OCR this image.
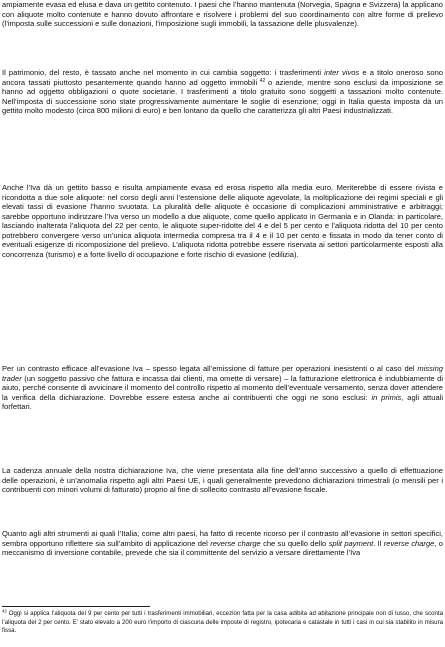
ampiamente evasa ed elusa e dava un gettito contenuto. I paesi che l’hanno mantenuta (Norvegia, Spagna e Svizzera) la applicano con aliquote molto contenute e hanno dovuto affrontare e risolvere i problemi del suo coordinamento con altre forme di prelievo (l’imposta sulle successioni e sulle donazioni, l’imposizione sugli immobili, la tassazione delle plusvalenze).

Il patrimonio, del resto, è tassato anche nel momento in cui cambia soggetto: i trasferimenti inter vivos e a titolo oneroso sono ancora tassati piuttosto pesantemente quando hanno ad oggetto immobili $^{42}$ o aziende, mentre sono esclusi da imposizione se hanno ad oggetto obbligazioni o quote societarie. I trasferimenti a titolo gratuito sono soggetti a tassazioni molto contenute. Nell’imposta di successione sono state progressivamente aumentare le soglie di esenzione; oggi in Italia questa imposta dà un gettito molto modesto (circa 800 milioni di euro) e ben lontano da quello che caratterizza gli altri Paesi industrializzati.

Anche l’Iva dà un gettito basso e risulta ampiamente evasa ed erosa rispetto alla media euro. Meriterebbe di essere rivista e ricondotta a due sole aliquote: nel corso degli anni l’estensione delle aliquote agevolate, la moltiplicazione dei regimi speciali e gli elevati tassi di evasione l’hanno svuotata. La pluralità delle aliquote è occasione di complicazioni amministrative e arbitraggi; sarebbe opportuno indirizzare l’Iva verso un modello a due aliquote, come quello applicato in Germania e in Olanda: in particolare, lasciando inalterata l’aliquota del 22 per cento, le aliquote super-ridotte del 4 e del 5 per cento e l’aliquota ridotta del 10 per cento potrebbero convergere verso un’unica aliquota intermedia compresa tra il 4 e il 10 per cento e fissata in modo da tener conto di eventuali esigenze di ricomposizione del prelievo. L’aliquota ridotta potrebbe essere riservata ai settori particolarmente esposti alla concorrenza (turismo) e a forte livello di occupazione e forte rischio di evasione (edilizia).

Per un contrasto efficace all’evasione Iva – spesso legata all’emissione di fatture per operazioni inesistenti o al caso del missing trader (un soggetto passivo che fattura e incassa dai clienti, ma omette di versare) – la fatturazione elettronica è indubbiamente di aiuto, perché consente di avvicinare il momento del controllo rispetto al momento dell’eventuale versamento, senza dover attendere la verifica della dichiarazione. Dovrebbe essere estesa anche ai contribuenti che oggi ne sono esclusi: in primis, agli attuali forfettari.

La cadenza annuale della nostra dichiarazione Iva, che viene presentata alla fine dell’anno successivo a quello di effettuazione delle operazioni, è un’anomalia rispetto agli altri Paesi UE, i quali generalmente prevedono dichiarazioni trimestrali (o mensili per i contribuenti con minori volumi di fatturato) proprio al fine di sollecito contrasto all’evasione fiscale.

Quanto agli altri strumenti ai quali l’Italia, come altri paesi, ha fatto di recente ricorso per il contrasto all’evasione in settori specifici, sembra opportuno riflettere sia sull’ambito di applicazione del reverse charge che su quello dello split payment. Il reverse charge, o meccanismo di inversione contabile, prevede che sia il committente del servizio a versare direttamente l’Iva

$^{42}$ Oggi si applica l’aliquota del 9 per cento per tutti i trasferimenti immobiliari, eccezion fatta per la casa adibita ad abitazione principale non di lusso, che sconta l’aliquota del 2 per cento. E’ stato elevato a 200 euro l’importo di ciascuna delle imposte di registro, ipotecaria e catastale in tutti i casi in cui sia stabilito in misura fissa.
